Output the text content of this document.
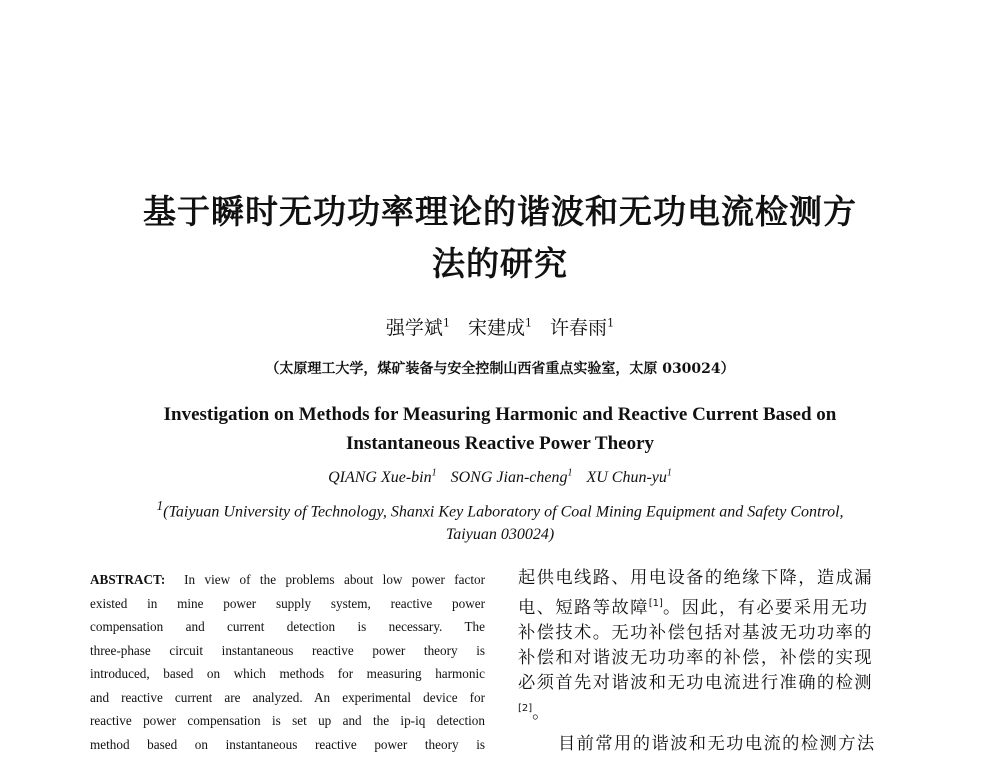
基于瞬时无功功率理论的谐波和无功电流检测方
法的研究
强学斌$^1$ 宋建成$^1$ 许春雨$^1$
（太原理工大学，煤矿装备与安全控制山西省重点实验室，太原 030024）
Investigation on Methods for Measuring Harmonic and Reactive Current Based on
Instantaneous Reactive Power Theory
QIANG Xue-bin$^1$ SONG Jian-cheng$^1$ XU Chun-$yu^1$
$^1$(Taiyuan University of Technology, Shanxi Key Laboratory of Coal Mining Equipment and Safety Control,
Taiyuan 030024)
ABSTRACT: In view of the problems about low power factor
existed in mine power supply system, reactive power
compensation and current detection is necessary. The
three-phase circuit instantaneous reactive power theory is
introduced, based on which methods for measuring harmonic
and reactive current are analyzed. An experimental device for
reactive power compensation is set up and the ip-iq detection
method based on instantaneous reactive power theory is
起供电线路、用电设备的绝缘下降，造成漏
电、短路等故障[1]。因此，有必要采用无功
补偿技术。无功补偿包括对基波无功功率的
补偿和对谐波无功功率的补偿，补偿的实现
必须首先对谐波和无功电流进行准确的检测
[2]。
目前常用的谐波和无功电流的检测方法
